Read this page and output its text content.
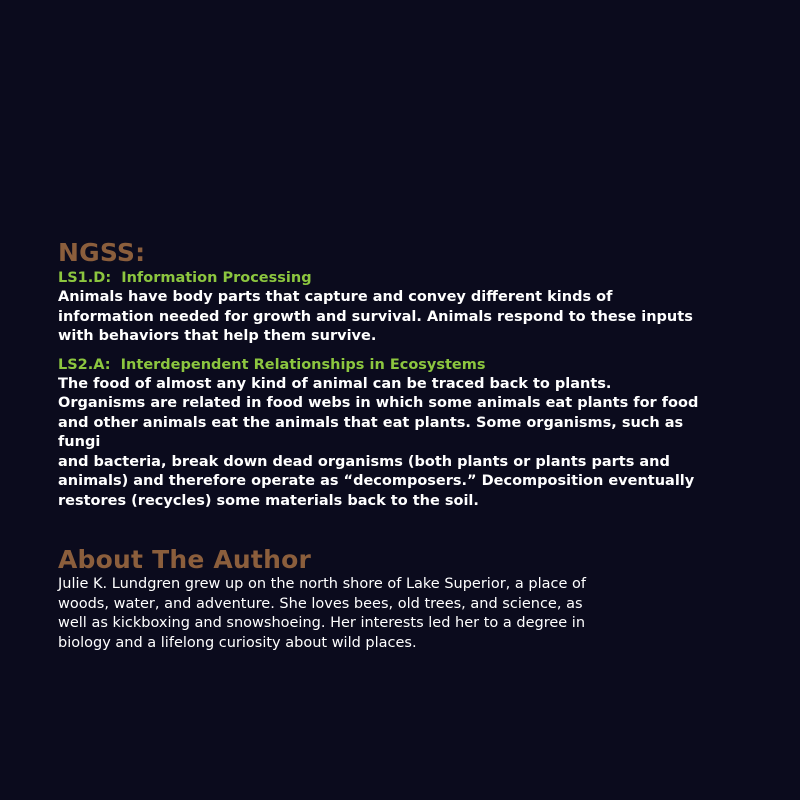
NGSS:
LS1.D:  Information Processing
Animals have body parts that capture and convey different kinds of
information needed for growth and survival. Animals respond to these inputs
with behaviors that help them survive.
LS2.A:  Interdependent Relationships in Ecosystems
The food of almost any kind of animal can be traced back to plants.
Organisms are related in food webs in which some animals eat plants for food
and other animals eat the animals that eat plants. Some organisms, such as
fungi
and bacteria, break down dead organisms (both plants or plants parts and
animals) and therefore operate as “decomposers.” Decomposition eventually
restores (recycles) some materials back to the soil.
About The Author
Julie K. Lundgren grew up on the north shore of Lake Superior, a place of
woods, water, and adventure. She loves bees, old trees, and science, as
well as kickboxing and snowshoeing. Her interests led her to a degree in
biology and a lifelong curiosity about wild places.
